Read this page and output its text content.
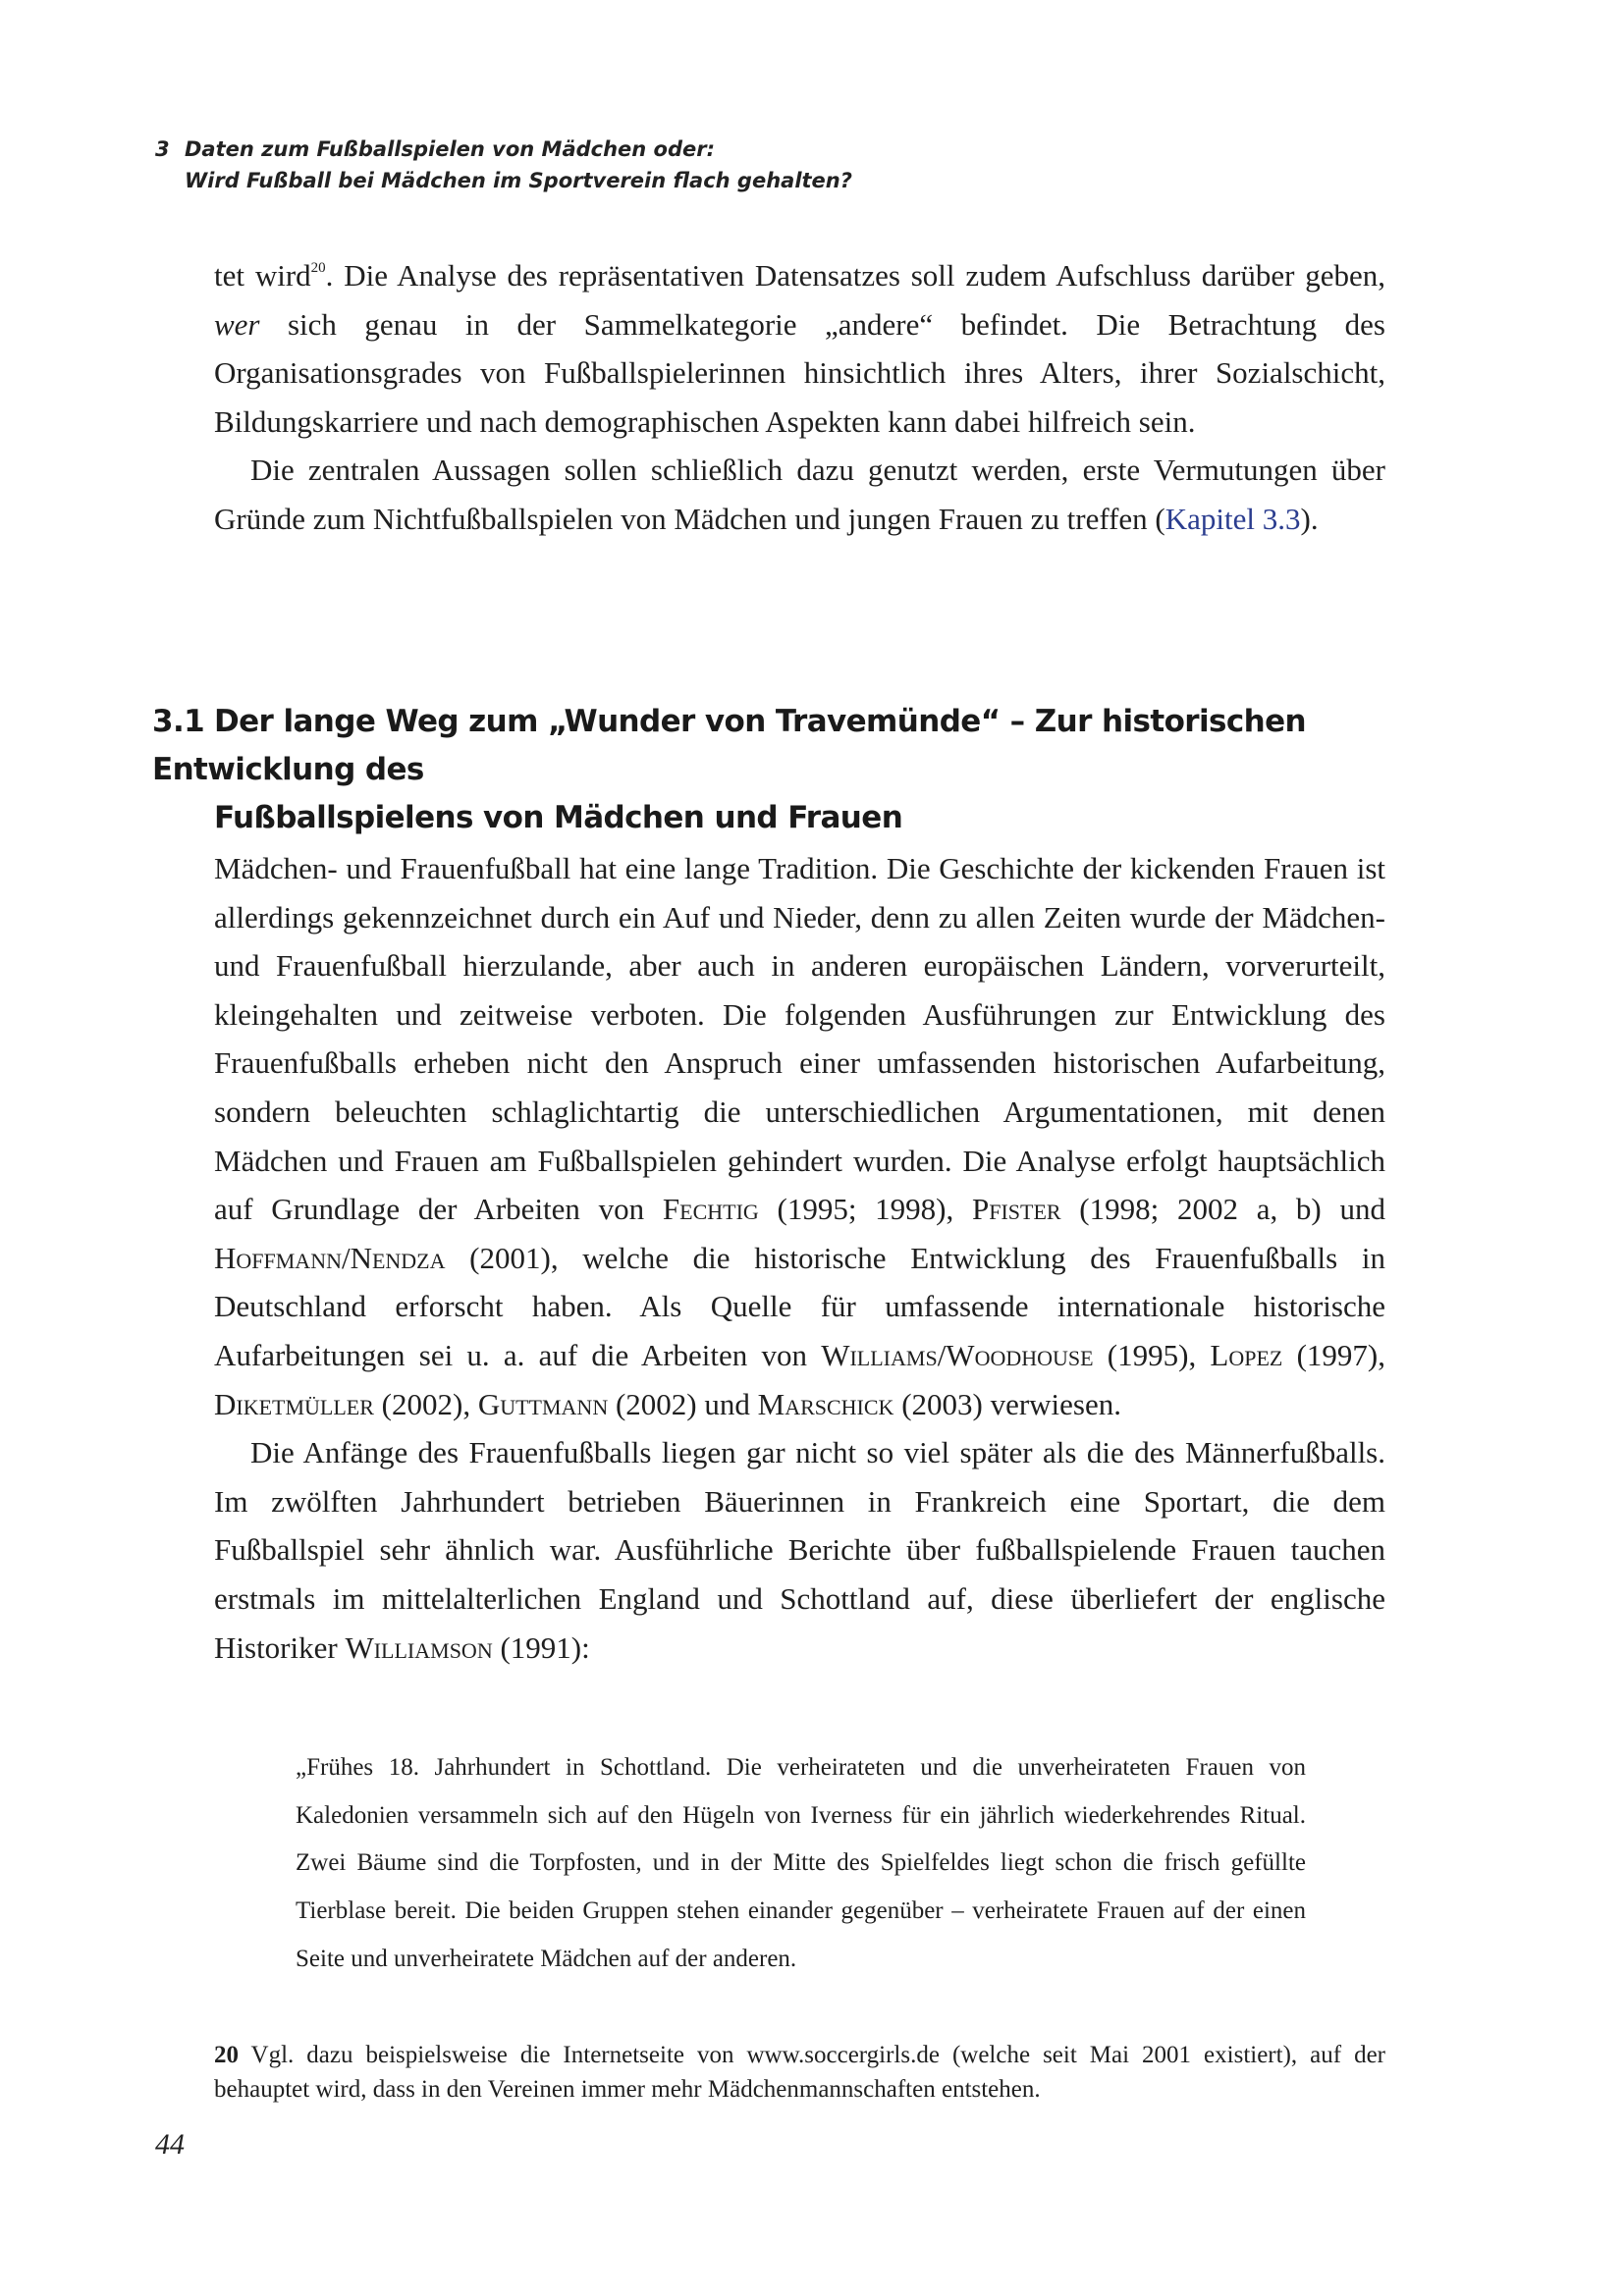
3 Daten zum Fußballspielen von Mädchen oder:
Wird Fußball bei Mädchen im Sportverein flach gehalten?

tet wird$^{20}$. Die Analyse des repräsentativen Datensatzes soll zudem Aufschluss darüber geben, wer sich genau in der Sammelkategorie „andere“ befindet. Die Betrachtung des Organisationsgrades von Fußballspielerinnen hinsichtlich ihres Alters, ihrer Sozialschicht, Bildungskarriere und nach demographischen Aspekten kann dabei hilfreich sein.

Die zentralen Aussagen sollen schließlich dazu genutzt werden, erste Vermutungen über Gründe zum Nichtfußballspielen von Mädchen und jungen Frauen zu treffen (Kapitel 3.3).

3.1 Der lange Weg zum „Wunder von Travemünde“ – Zur historischen Entwicklung des
Fußballspielens von Mädchen und Frauen

Mädchen- und Frauenfußball hat eine lange Tradition. Die Geschichte der kickenden Frauen ist allerdings gekennzeichnet durch ein Auf und Nieder, denn zu allen Zeiten wurde der Mädchen- und Frauenfußball hierzulande, aber auch in anderen europäischen Ländern, vorverurteilt, kleingehalten und zeitweise verboten. Die folgenden Ausführungen zur Entwicklung des Frauenfußballs erheben nicht den Anspruch einer umfassenden historischen Aufarbeitung, sondern beleuchten schlaglichtartig die unterschiedlichen Argumentationen, mit denen Mädchen und Frauen am Fußballspielen gehindert wurden. Die Analyse erfolgt hauptsächlich auf Grundlage der Arbeiten von Fechtig (1995; 1998), Pfister (1998; 2002 a, b) und Hoffmann/Nendza (2001), welche die historische Entwicklung des Frauenfußballs in Deutschland erforscht haben. Als Quelle für umfassende internationale historische Aufarbeitungen sei u. a. auf die Arbeiten von Williams/Woodhouse (1995), Lopez (1997), Diketmüller (2002), Guttmann (2002) und Marschick (2003) verwiesen.

Die Anfänge des Frauenfußballs liegen gar nicht so viel später als die des Männerfußballs. Im zwölften Jahrhundert betrieben Bäuerinnen in Frankreich eine Sportart, die dem Fußballspiel sehr ähnlich war. Ausführliche Berichte über fußballspielende Frauen tauchen erstmals im mittelalterlichen England und Schottland auf, diese überliefert der englische Historiker Williamson (1991):

„Frühes 18. Jahrhundert in Schottland. Die verheirateten und die unverheirateten Frauen von Kaledonien versammeln sich auf den Hügeln von Iverness für ein jährlich wiederkehrendes Ritual. Zwei Bäume sind die Torpfosten, und in der Mitte des Spielfeldes liegt schon die frisch gefüllte Tierblase bereit. Die beiden Gruppen stehen einander gegenüber – verheiratete Frauen auf der einen Seite und unverheiratete Mädchen auf der anderen.

20 Vgl. dazu beispielsweise die Internetseite von www.soccergirls.de (welche seit Mai 2001 existiert), auf der behauptet wird, dass in den Vereinen immer mehr Mädchenmannschaften entstehen.

44
